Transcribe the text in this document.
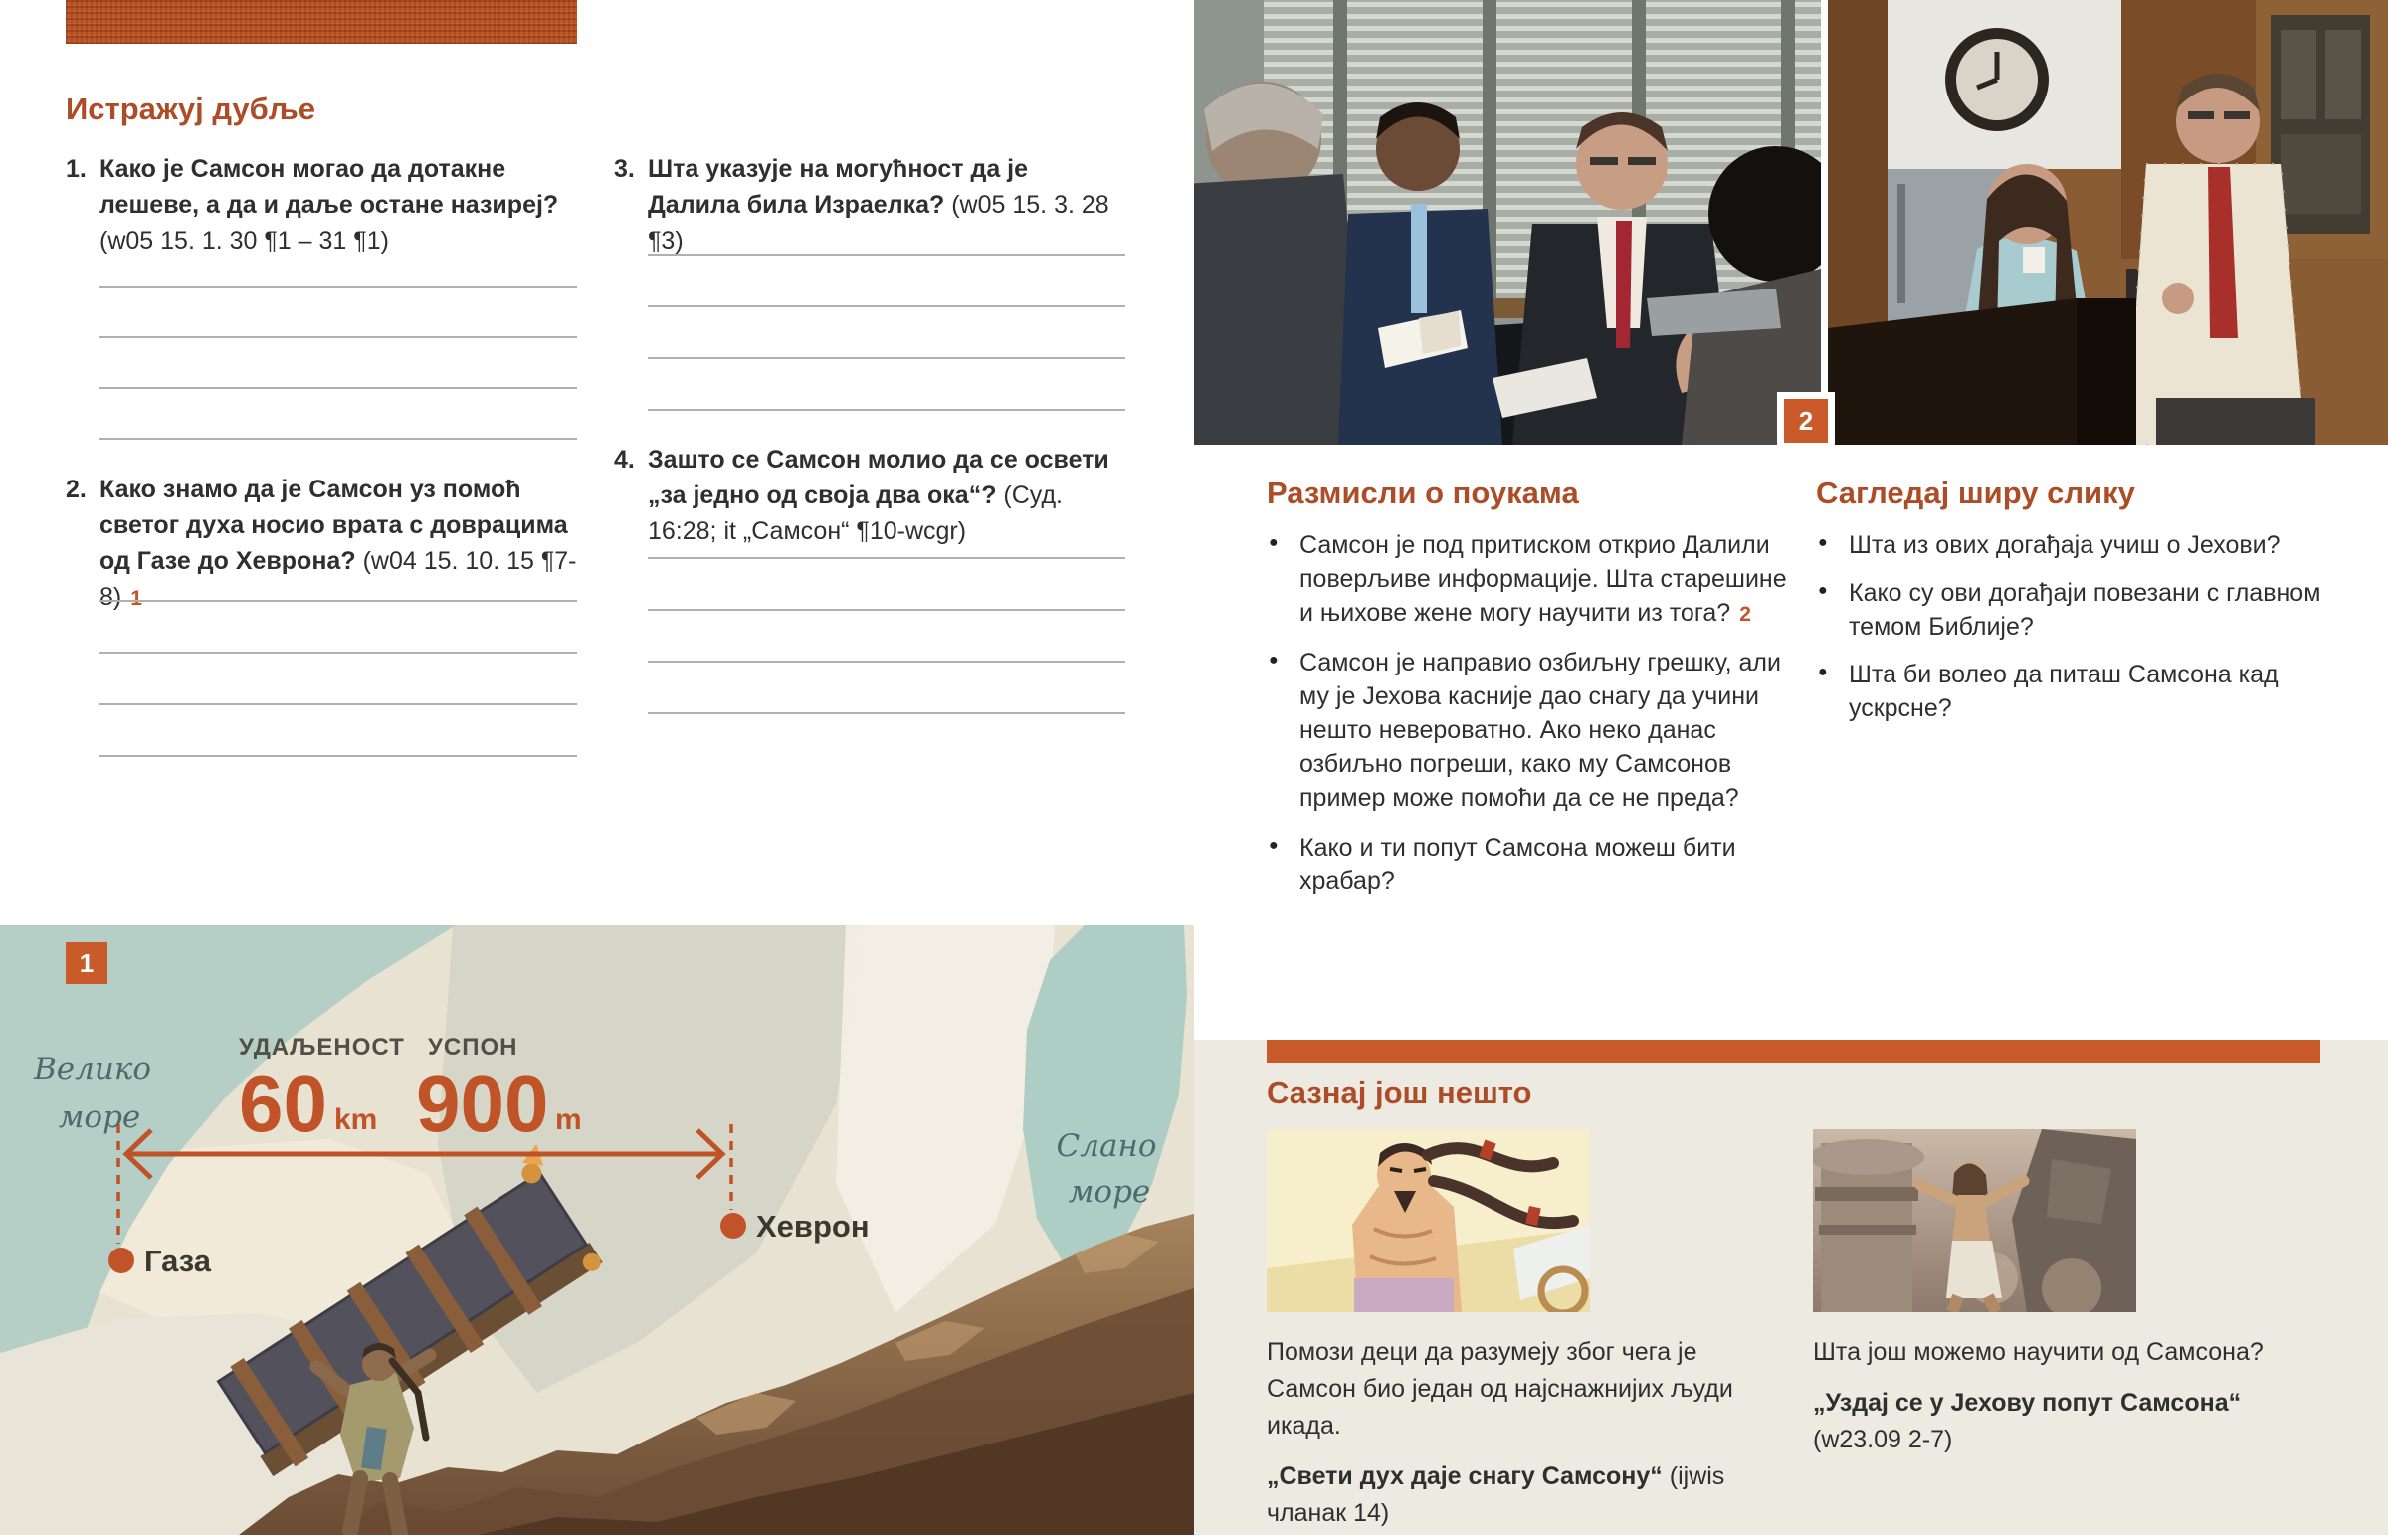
Истражуј дубље
1. Како је Самсон могао да дотакне лешеве, а да и даље остане назиреј? (w05 15. 1. 30 ¶1 – 31 ¶1)
2. Како знамо да је Самсон уз помоћ светог духа носио врата с доврацима од Газе до Хеврона? (w04 15. 10. 15 ¶7-8) 1
3. Шта указује на могућност да је Далила била Израелка? (w05 15. 3. 28 ¶3)
4. Зашто се Самсон молио да се освети „за једно од своја два ока“? (Суд. 16:28; it „Самсон“ ¶10-wcgr)
2
Размисли о поукама
● Самсон је под притиском открио Далили поверљиве информације. Шта старешине и њихове жене могу научити из тога? 2
● Самсон је направио озбиљну грешку, али му је Јехова касније дао снагу да учини нешто невероватно. Ако неко данас озбиљно погреши, како му Самсонов пример може помоћи да се не преда?
● Како и ти попут Самсона можеш бити храбар?
Сагледај ширу слику
● Шта из ових догађаја учиш о Јехови?
● Како су ови догађаји повезани с главном темом Библије?
● Шта би волео да питаш Самсона кад ускрсне?
УДАЉЕНОСТ
60 km
УСПОН
900 m
Газа
Хеврон
Велико
море
Слано
море
1
Сазнај још нешто

Помози деци да разумеју због чега је Самсон био један од најснажнијих људи икада.

„Свети дух даје снагу Самсону“ (ijwis чланак 14)

Шта још можемо научити од Самсона?

„Уздај се у Јехову попут Самсона“ (w23.09 2-7)
